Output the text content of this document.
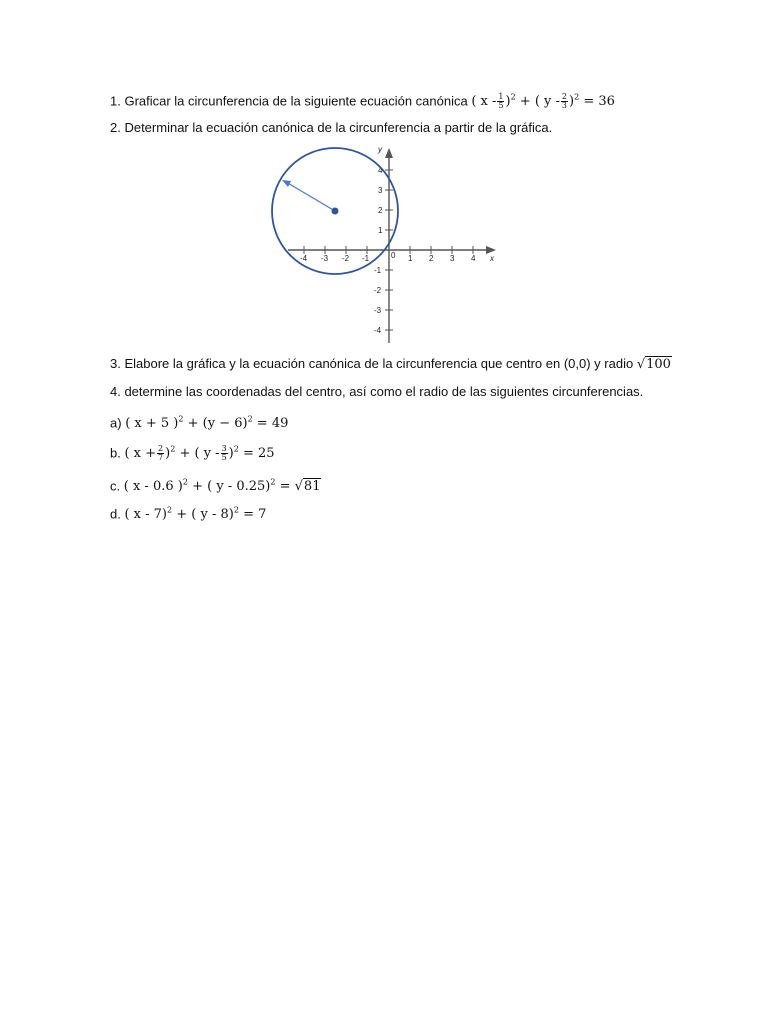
1. Graficar la circunferencia de la siguiente ecuación canónica ( x - $\frac{1}{5} )^2$ + ( $y - \frac{2}{3} )^2 = 36$
2. Determinar la ecuación canónica de la circunferencia a partir de la gráfica.
-4 -3 -2 -1	0 1 2 3 4 x
y
4
3
2
1
-1
-2
-3
-4
3. Elabore la gráfica y la ecuación canónica de la circunferencia que centro en (0,0) y radio √100
4. determine las coordenadas del centro, así como el radio de las siguientes circunferencias.
a) ( x + 5 )$^2 + (y - 6)^2 = 49$
b. ( $x + \frac{2}{7} )^2$ + ( $y - \frac{3}{5} )^2 = 25$
c. ( x - 0.6 )$^2$ + ( y - 0.25)$^2$ = √81
d. ( x - 7)$^2$ + ( y - 8)$^2$ = 7
